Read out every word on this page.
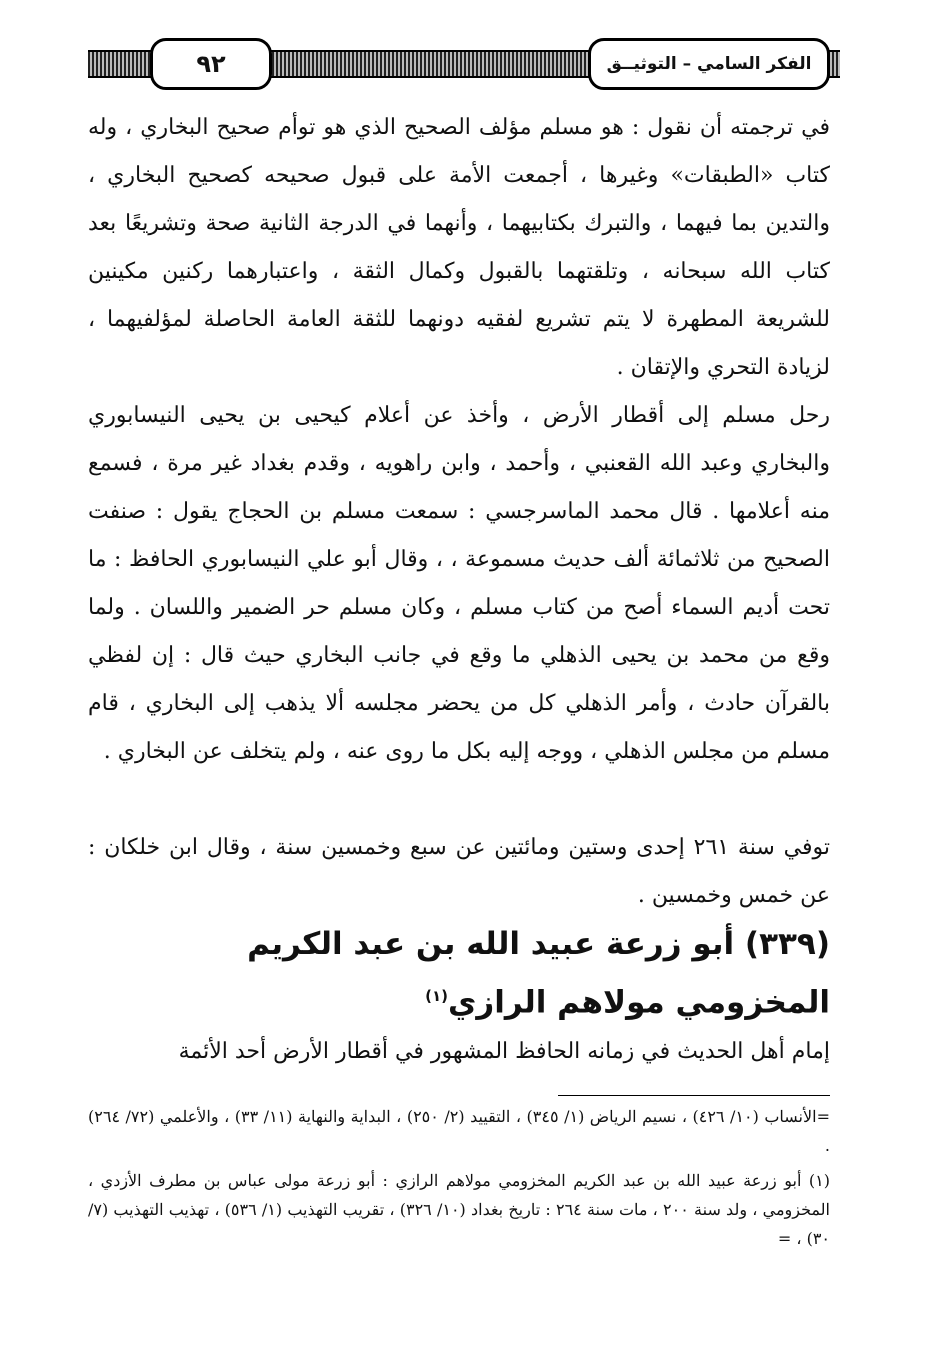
٩٢	الفكر السامي – التوثيــق

في ترجمته أن نقول : هو مسلم مؤلف الصحيح الذي هو توأم صحيح البخاري ، وله كتاب «الطبقات» وغيرها ، أجمعت الأمة على قبول صحيحه كصحيح البخاري ، والتدين بما فيهما ، والتبرك بكتابيهما ، وأنهما في الدرجة الثانية صحة وتشريعًا بعد كتاب الله سبحانه ، وتلقتهما بالقبول وكمال الثقة ، واعتبارهما ركنين مكينين للشريعة المطهرة لا يتم تشريع لفقيه دونهما للثقة العامة الحاصلة لمؤلفيهما ، لزيادة التحري والإتقان .

رحل مسلم إلى أقطار الأرض ، وأخذ عن أعلام كيحيى بن يحيى النيسابوري والبخاري وعبد الله القعنبي ، وأحمد ، وابن راهويه ، وقدم بغداد غير مرة ، فسمع منه أعلامها . قال محمد الماسرجسي : سمعت مسلم بن الحجاج يقول : صنفت الصحيح من ثلاثمائة ألف حديث مسموعة ، ، وقال أبو علي النيسابوري الحافظ : ما تحت أديم السماء أصح من كتاب مسلم ، وكان مسلم حر الضمير واللسان . ولما وقع من محمد بن يحيى الذهلي ما وقع في جانب البخاري حيث قال : إن لفظي بالقرآن حادث ، وأمر الذهلي كل من يحضر مجلسه ألا يذهب إلى البخاري ، قام مسلم من مجلس الذهلي ، ووجه إليه بكل ما روى عنه ، ولم يتخلف عن البخاري .

توفي سنة ٢٦١ إحدى وستين ومائتين عن سبع وخمسين سنة ، وقال ابن خلكان : عن خمس وخمسين .

(٣٣٩) أبو زرعة عبيد الله بن عبد الكريم المخزومي مولاهم الرازي$^{(١)}$

إمام أهل الحديث في زمانه الحافظ المشهور في أقطار الأرض أحد الأئمة

=الأنساب (١٠/ ٤٢٦) ، نسيم الرياض (١/ ٣٤٥) ، التقييد (٢/ ٢٥٠) ، البداية والنهاية (١١/ ٣٣) ، والأعلمي (٧٢/ ٢٦٤) .

(١) أبو زرعة عبيد الله بن عبد الكريم المخزومي مولاهم الرازي : أبو زرعة مولى عباس بن مطرف الأزدي ، المخزومي ، ولد سنة ٢٠٠ ، مات سنة ٢٦٤ : تاريخ بغداد (١٠/ ٣٢٦) ، تقريب التهذيب (١/ ٥٣٦) ، تهذيب التهذيب (٧/ ٣٠) ، =
